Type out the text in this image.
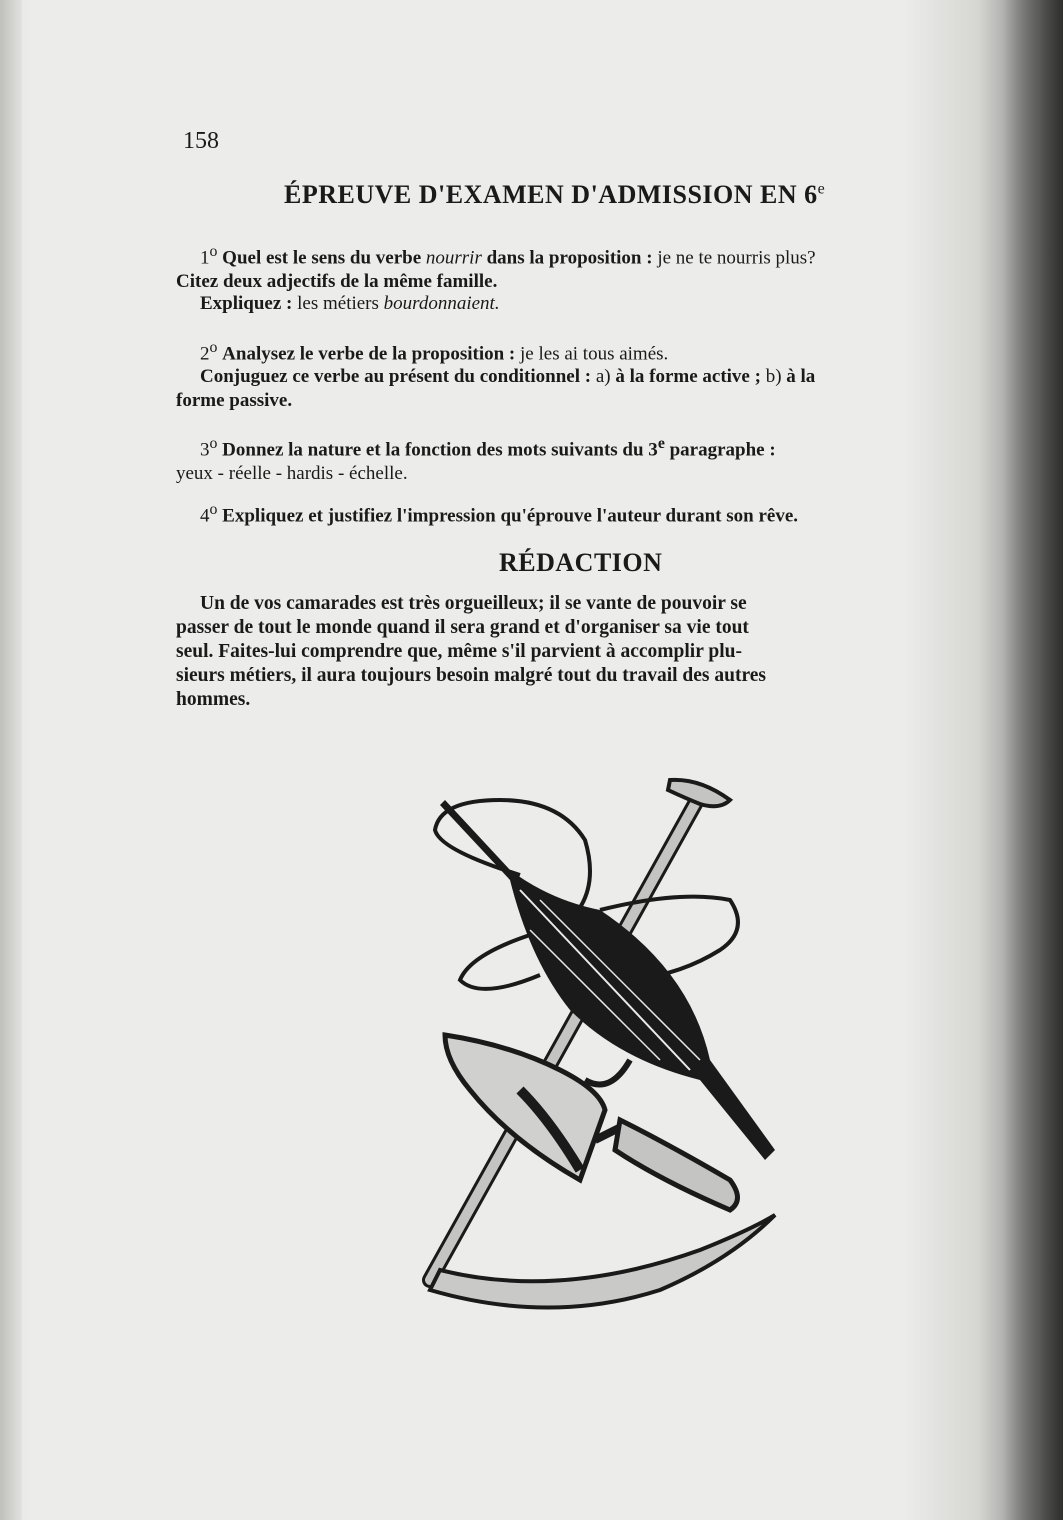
158
ÉPREUVE D'EXAMEN D'ADMISSION EN 6e
1$^o$ Quel est le sens du verbe nourrir dans la proposition : je ne te nourris plus?
Citez deux adjectifs de la même famille.
Expliquez : les métiers bourdonnaient.
2$^o$ Analysez le verbe de la proposition : je les ai tous aimés.
Conjuguez ce verbe au présent du conditionnel : a) à la forme active ; b) à la
forme passive.
3$^o$ Donnez la nature et la fonction des mots suivants du 3e paragraphe :
yeux - réelle - hardis - échelle.
4$^o$ Expliquez et justifiez l'impression qu'éprouve l'auteur durant son rêve.
RÉDACTION
Un de vos camarades est très orgueilleux; il se vante de pouvoir se
passer de tout le monde quand il sera grand et d'organiser sa vie tout
seul. Faites-lui comprendre que, même s'il parvient à accomplir plu-
sieurs métiers, il aura toujours besoin malgré tout du travail des autres
hommes.
